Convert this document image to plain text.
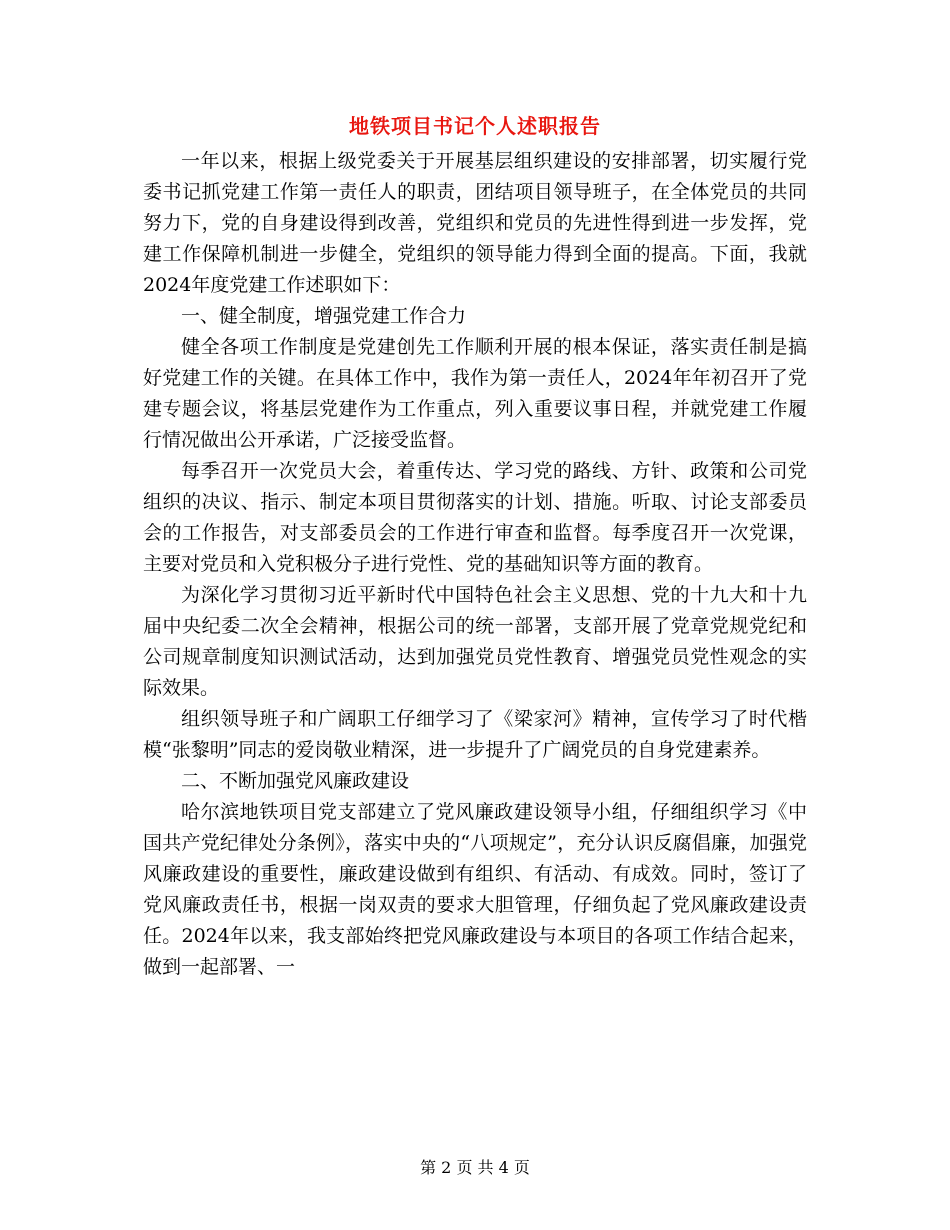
地铁项目书记个人述职报告

一年以来，根据上级党委关于开展基层组织建设的安排部署，切实履行党委书记抓党建工作第一责任人的职责，团结项目领导班子，在全体党员的共同努力下，党的自身建设得到改善，党组织和党员的先进性得到进一步发挥，党建工作保障机制进一步健全，党组织的领导能力得到全面的提高。下面，我就2024年度党建工作述职如下：

一、健全制度，增强党建工作合力

健全各项工作制度是党建创先工作顺利开展的根本保证，落实责任制是搞好党建工作的关键。在具体工作中，我作为第一责任人，2024年年初召开了党建专题会议，将基层党建作为工作重点，列入重要议事日程，并就党建工作履行情况做出公开承诺，广泛接受监督。

每季召开一次党员大会，着重传达、学习党的路线、方针、政策和公司党组织的决议、指示、制定本项目贯彻落实的计划、措施。听取、讨论支部委员会的工作报告，对支部委员会的工作进行审查和监督。每季度召开一次党课，主要对党员和入党积极分子进行党性、党的基础知识等方面的教育。

为深化学习贯彻习近平新时代中国特色社会主义思想、党的十九大和十九届中央纪委二次全会精神，根据公司的统一部署，支部开展了党章党规党纪和公司规章制度知识测试活动，达到加强党员党性教育、增强党员党性观念的实际效果。

组织领导班子和广阔职工仔细学习了《梁家河》精神，宣传学习了时代楷模“张黎明”同志的爱岗敬业精深，进一步提升了广阔党员的自身党建素养。

二、不断加强党风廉政建设

哈尔滨地铁项目党支部建立了党风廉政建设领导小组，仔细组织学习《中国共产党纪律处分条例》，落实中央的“八项规定”，充分认识反腐倡廉，加强党风廉政建设的重要性，廉政建设做到有组织、有活动、有成效。同时，签订了党风廉政责任书，根据一岗双责的要求大胆管理，仔细负起了党风廉政建设责任。2024年以来，我支部始终把党风廉政建设与本项目的各项工作结合起来，做到一起部署、一

第 2 页 共 4 页
